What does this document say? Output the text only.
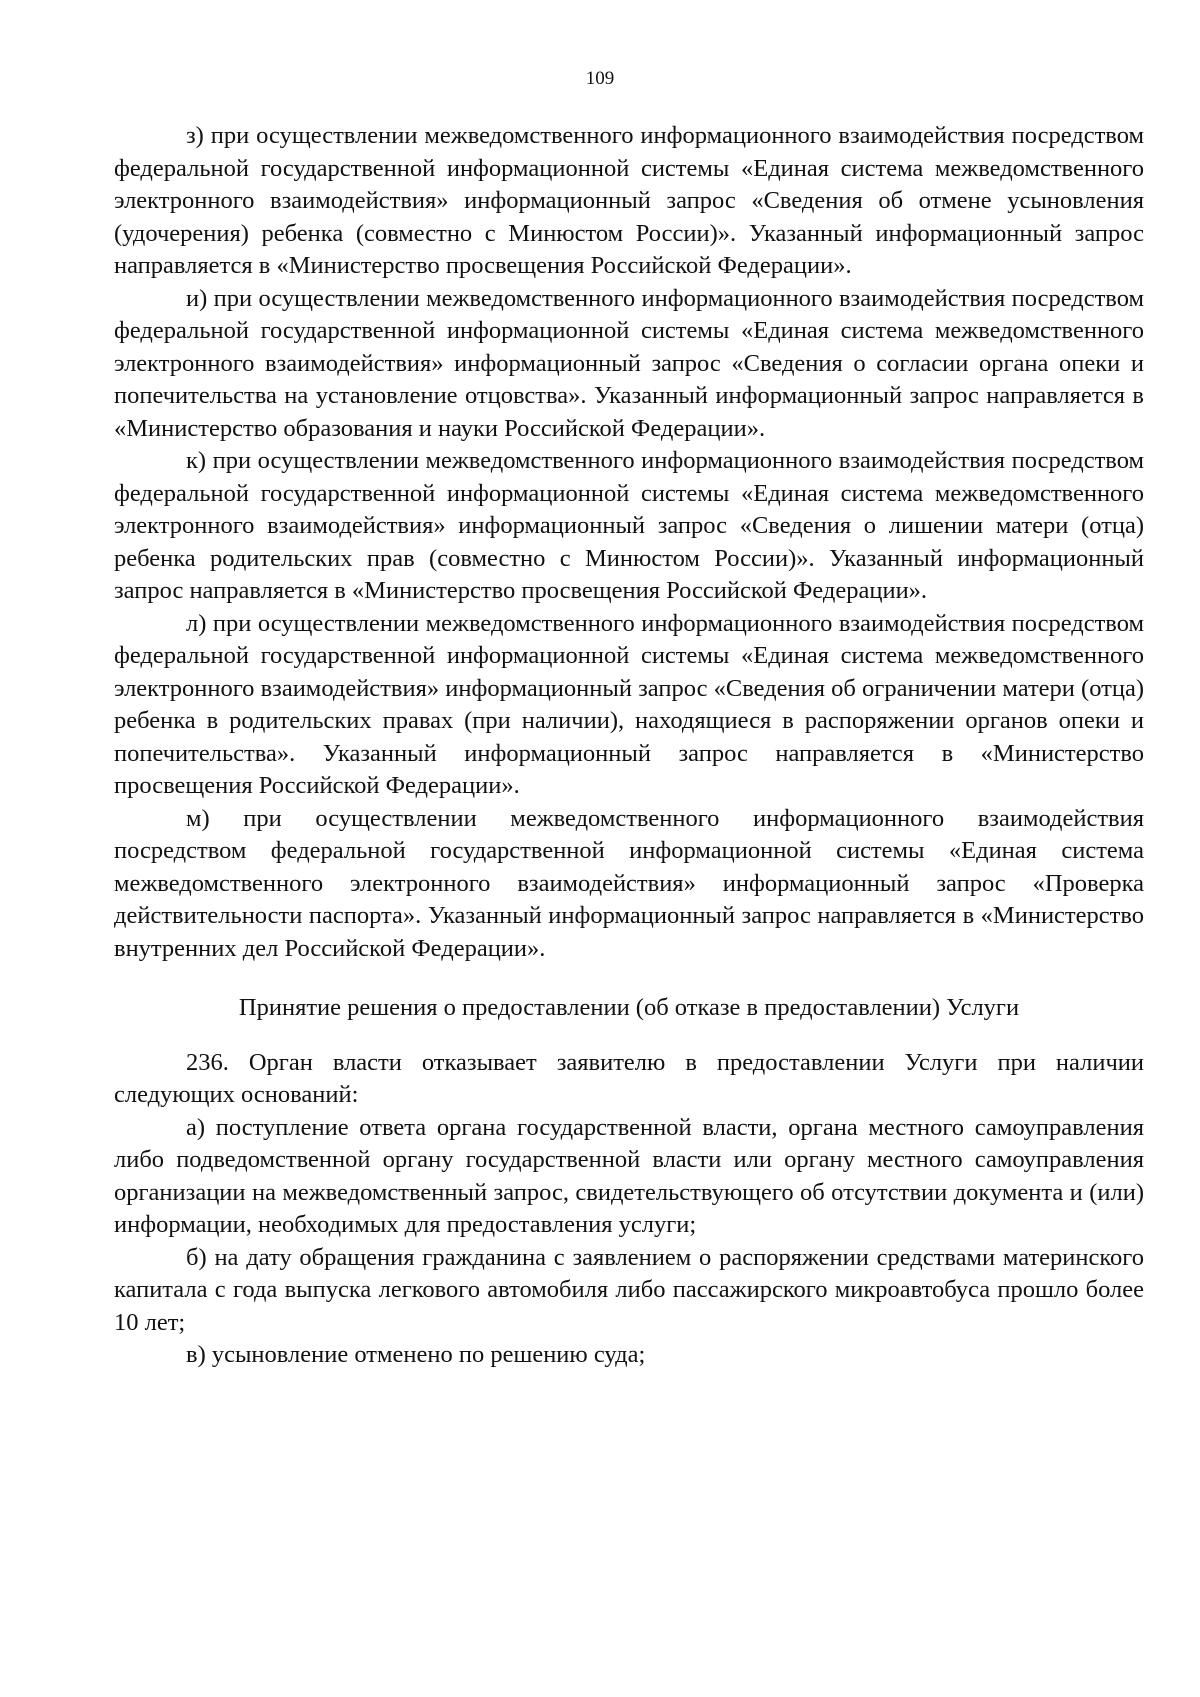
109

з) при осуществлении межведомственного информационного взаимодействия посредством федеральной государственной информационной системы «Единая система межведомственного электронного взаимодействия» информационный запрос «Сведения об отмене усыновления (удочерения) ребенка (совместно с Минюстом России)». Указанный информационный запрос направляется в «Министерство просвещения Российской Федерации».

и) при осуществлении межведомственного информационного взаимодействия посредством федеральной государственной информационной системы «Единая система межведомственного электронного взаимодействия» информационный запрос «Сведения о согласии органа опеки и попечительства на установление отцовства». Указанный информационный запрос направляется в «Министерство образования и науки Российской Федерации».

к) при осуществлении межведомственного информационного взаимодействия посредством федеральной государственной информационной системы «Единая система межведомственного электронного взаимодействия» информационный запрос «Сведения о лишении матери (отца) ребенка родительских прав (совместно с Минюстом России)». Указанный информационный запрос направляется в «Министерство просвещения Российской Федерации».

л) при осуществлении межведомственного информационного взаимодействия посредством федеральной государственной информационной системы «Единая система межведомственного электронного взаимодействия» информационный запрос «Сведения об ограничении матери (отца) ребенка в родительских правах (при наличии), находящиеся в распоряжении органов опеки и попечительства». Указанный информационный запрос направляется в «Министерство просвещения Российской Федерации».

м) при осуществлении межведомственного информационного взаимодействия посредством федеральной государственной информационной системы «Единая система межведомственного электронного взаимодействия» информационный запрос «Проверка действительности паспорта». Указанный информационный запрос направляется в «Министерство внутренних дел Российской Федерации».

Принятие решения о предоставлении (об отказе в предоставлении) Услуги

236. Орган власти отказывает заявителю в предоставлении Услуги при наличии следующих оснований:

а) поступление ответа органа государственной власти, органа местного самоуправления либо подведомственной органу государственной власти или органу местного самоуправления организации на межведомственный запрос, свидетельствующего об отсутствии документа и (или) информации, необходимых для предоставления услуги;

б) на дату обращения гражданина с заявлением о распоряжении средствами материнского капитала с года выпуска легкового автомобиля либо пассажирского микроавтобуса прошло более 10 лет;

в) усыновление отменено по решению суда;
